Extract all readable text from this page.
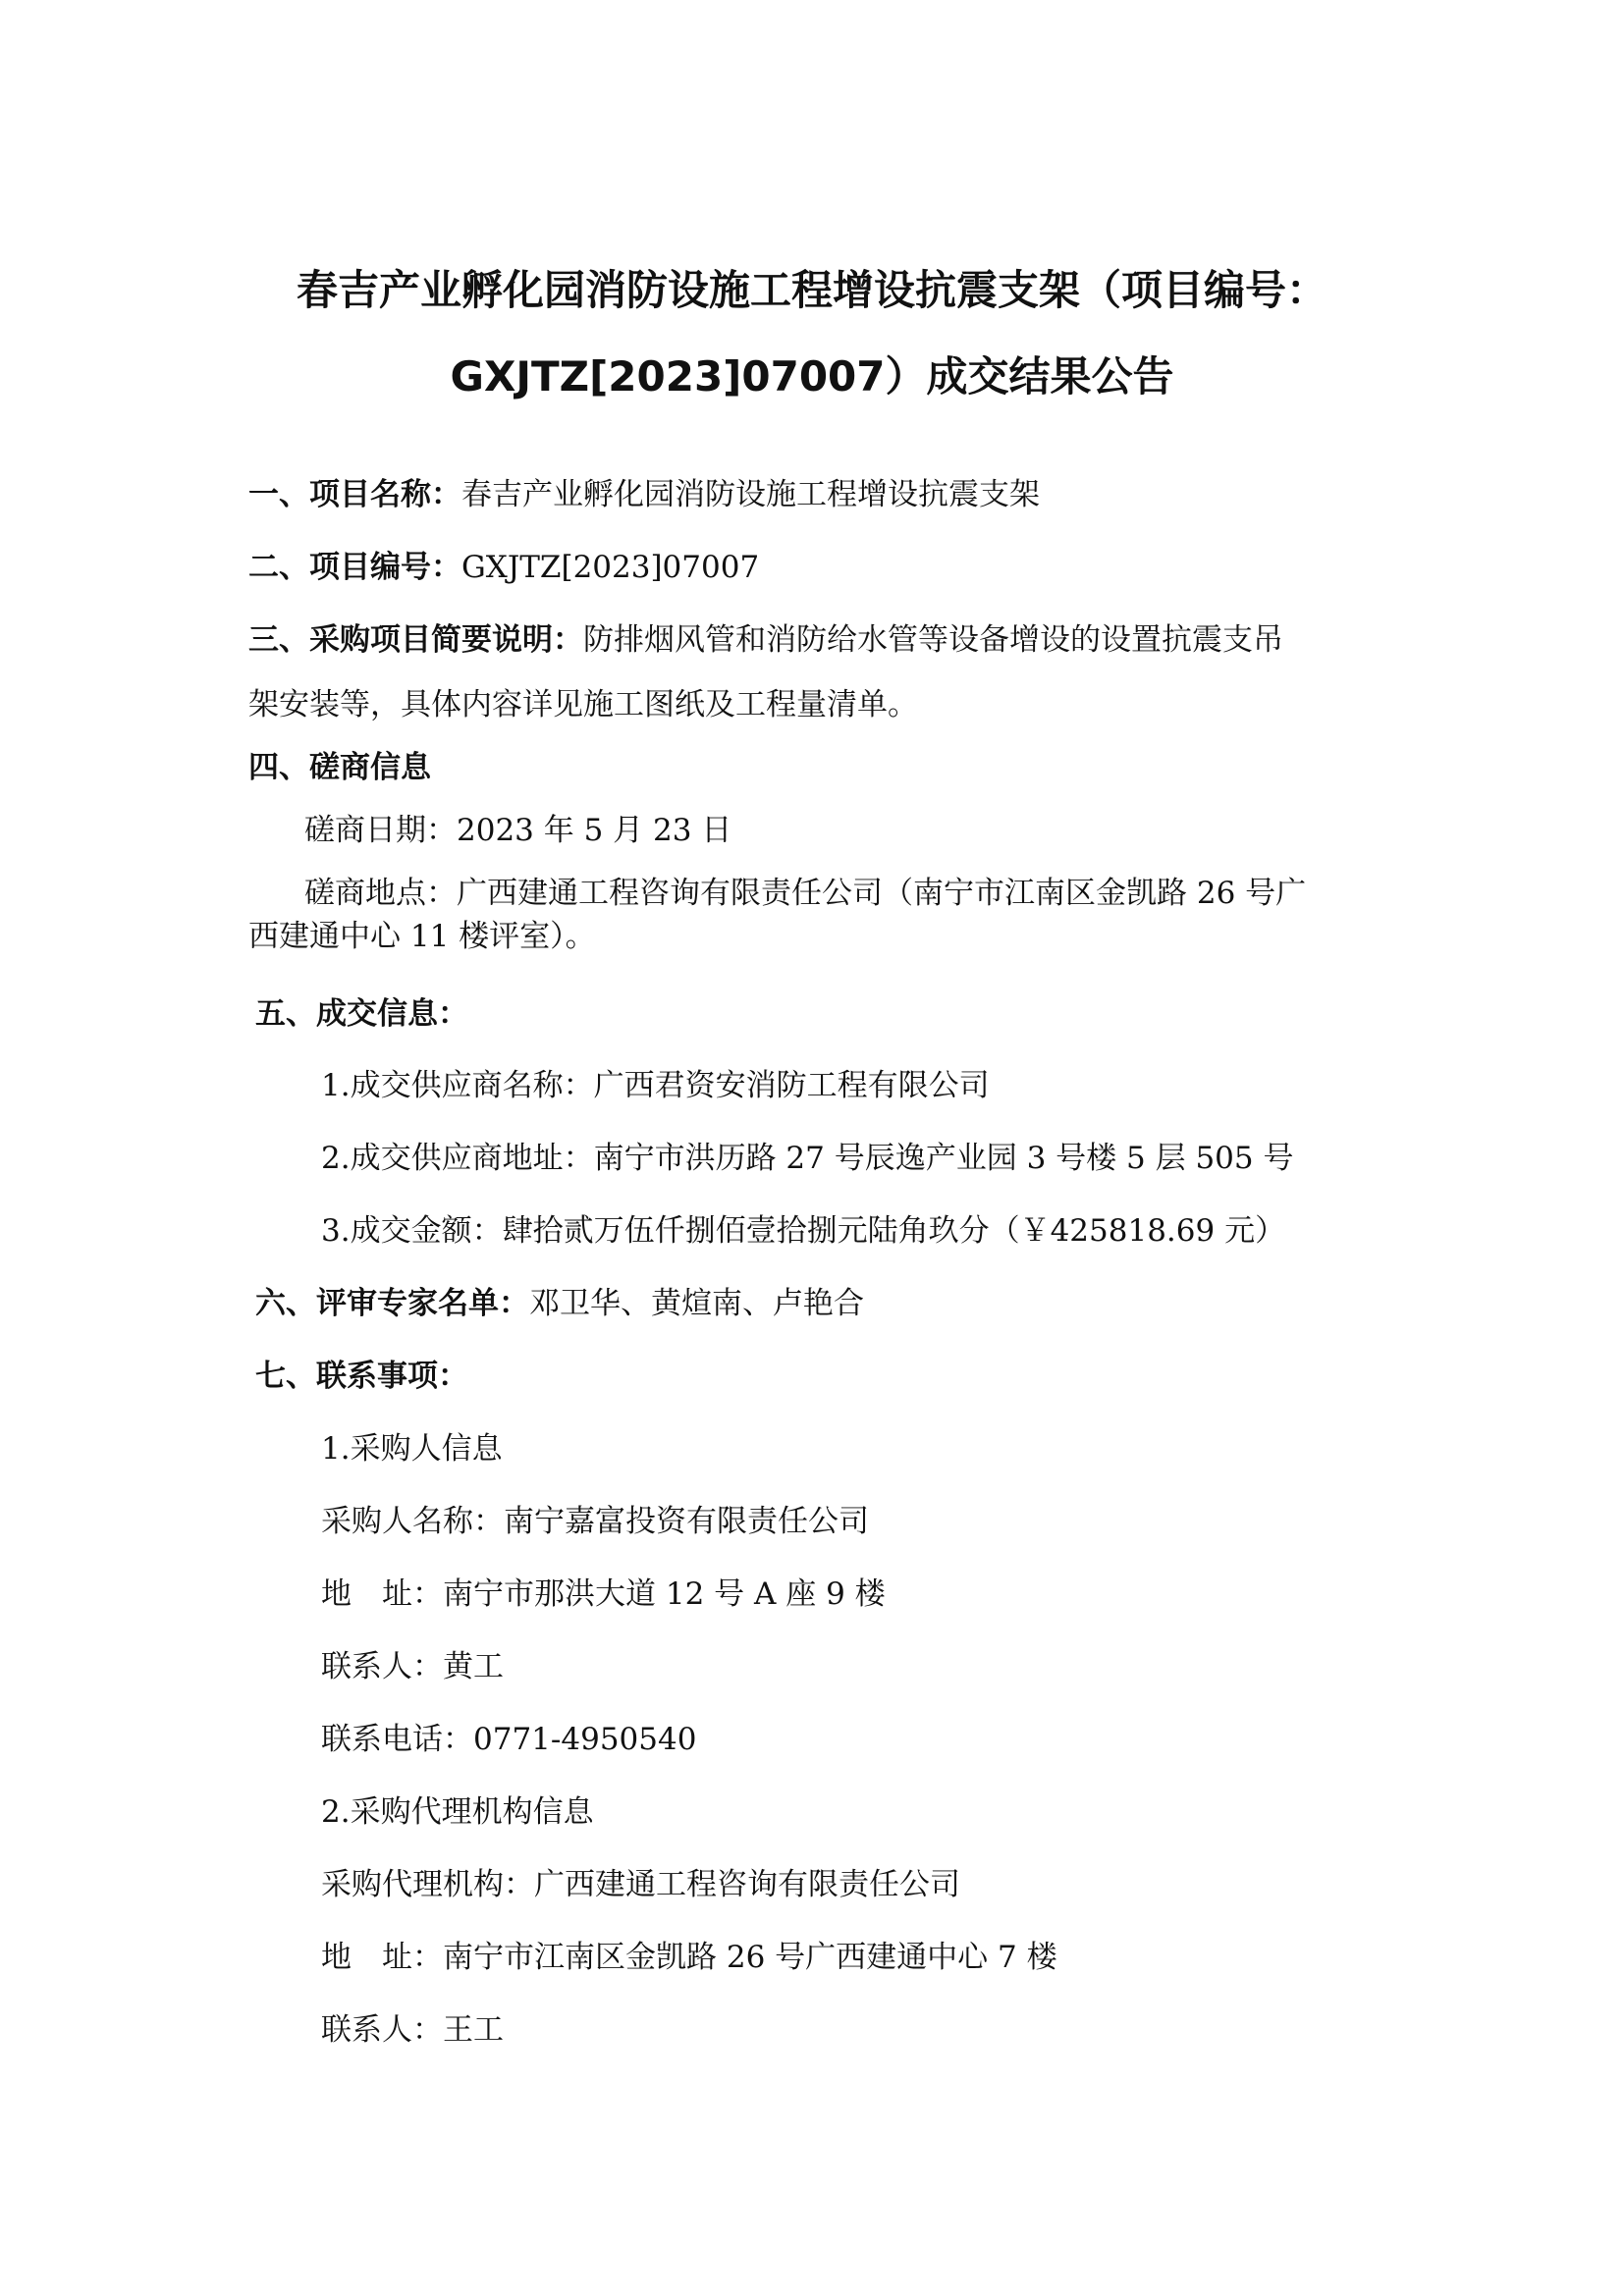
春吉产业孵化园消防设施工程增设抗震支架（项目编号：
GXJTZ[2023]07007）成交结果公告
一、项目名称：春吉产业孵化园消防设施工程增设抗震支架
二、项目编号：GXJTZ[2023]07007
三、采购项目简要说明：防排烟风管和消防给水管等设备增设的设置抗震支吊
架安装等，具体内容详见施工图纸及工程量清单。
四、磋商信息
磋商日期：2023 年 5 月 23 日
磋商地点：广西建通工程咨询有限责任公司（南宁市江南区金凯路 26 号广
西建通中心 11 楼评室）。
五、成交信息：
1.成交供应商名称：广西君资安消防工程有限公司
2.成交供应商地址：南宁市洪历路 27 号辰逸产业园 3 号楼 5 层 505 号
3.成交金额：肆拾贰万伍仟捌佰壹拾捌元陆角玖分（￥425818.69 元）
六、评审专家名单：邓卫华、黄煊南、卢艳合
七、联系事项：
1.采购人信息
采购人名称：南宁嘉富投资有限责任公司
地　址：南宁市那洪大道 12 号 A 座 9 楼
联系人：黄工
联系电话：0771-4950540
2.采购代理机构信息
采购代理机构：广西建通工程咨询有限责任公司
地　址：南宁市江南区金凯路 26 号广西建通中心 7 楼
联系人：王工
